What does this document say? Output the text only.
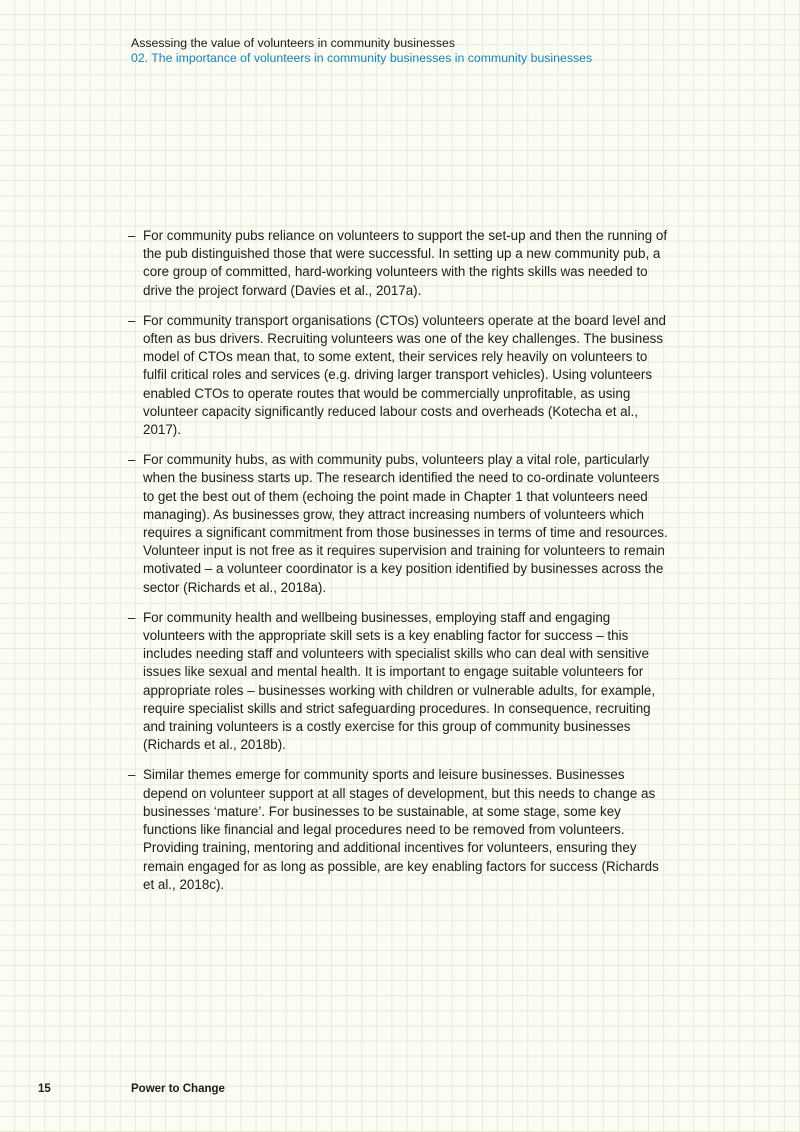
Assessing the value of volunteers in community businesses
02. The importance of volunteers in community businesses in community businesses
– For community pubs reliance on volunteers to support the set-up and then the running of the pub distinguished those that were successful. In setting up a new community pub, a core group of committed, hard-working volunteers with the rights skills was needed to drive the project forward (Davies et al., 2017a).
– For community transport organisations (CTOs) volunteers operate at the board level and often as bus drivers. Recruiting volunteers was one of the key challenges. The business model of CTOs mean that, to some extent, their services rely heavily on volunteers to fulfil critical roles and services (e.g. driving larger transport vehicles). Using volunteers enabled CTOs to operate routes that would be commercially unprofitable, as using volunteer capacity significantly reduced labour costs and overheads (Kotecha et al., 2017).
– For community hubs, as with community pubs, volunteers play a vital role, particularly when the business starts up. The research identified the need to co-ordinate volunteers to get the best out of them (echoing the point made in Chapter 1 that volunteers need managing). As businesses grow, they attract increasing numbers of volunteers which requires a significant commitment from those businesses in terms of time and resources. Volunteer input is not free as it requires supervision and training for volunteers to remain motivated – a volunteer coordinator is a key position identified by businesses across the sector (Richards et al., 2018a).
– For community health and wellbeing businesses, employing staff and engaging volunteers with the appropriate skill sets is a key enabling factor for success – this includes needing staff and volunteers with specialist skills who can deal with sensitive issues like sexual and mental health. It is important to engage suitable volunteers for appropriate roles – businesses working with children or vulnerable adults, for example, require specialist skills and strict safeguarding procedures. In consequence, recruiting and training volunteers is a costly exercise for this group of community businesses (Richards et al., 2018b).
– Similar themes emerge for community sports and leisure businesses. Businesses depend on volunteer support at all stages of development, but this needs to change as businesses ‘mature’. For businesses to be sustainable, at some stage, some key functions like financial and legal procedures need to be removed from volunteers. Providing training, mentoring and additional incentives for volunteers, ensuring they remain engaged for as long as possible, are key enabling factors for success (Richards et al., 2018c).
15	Power to Change
